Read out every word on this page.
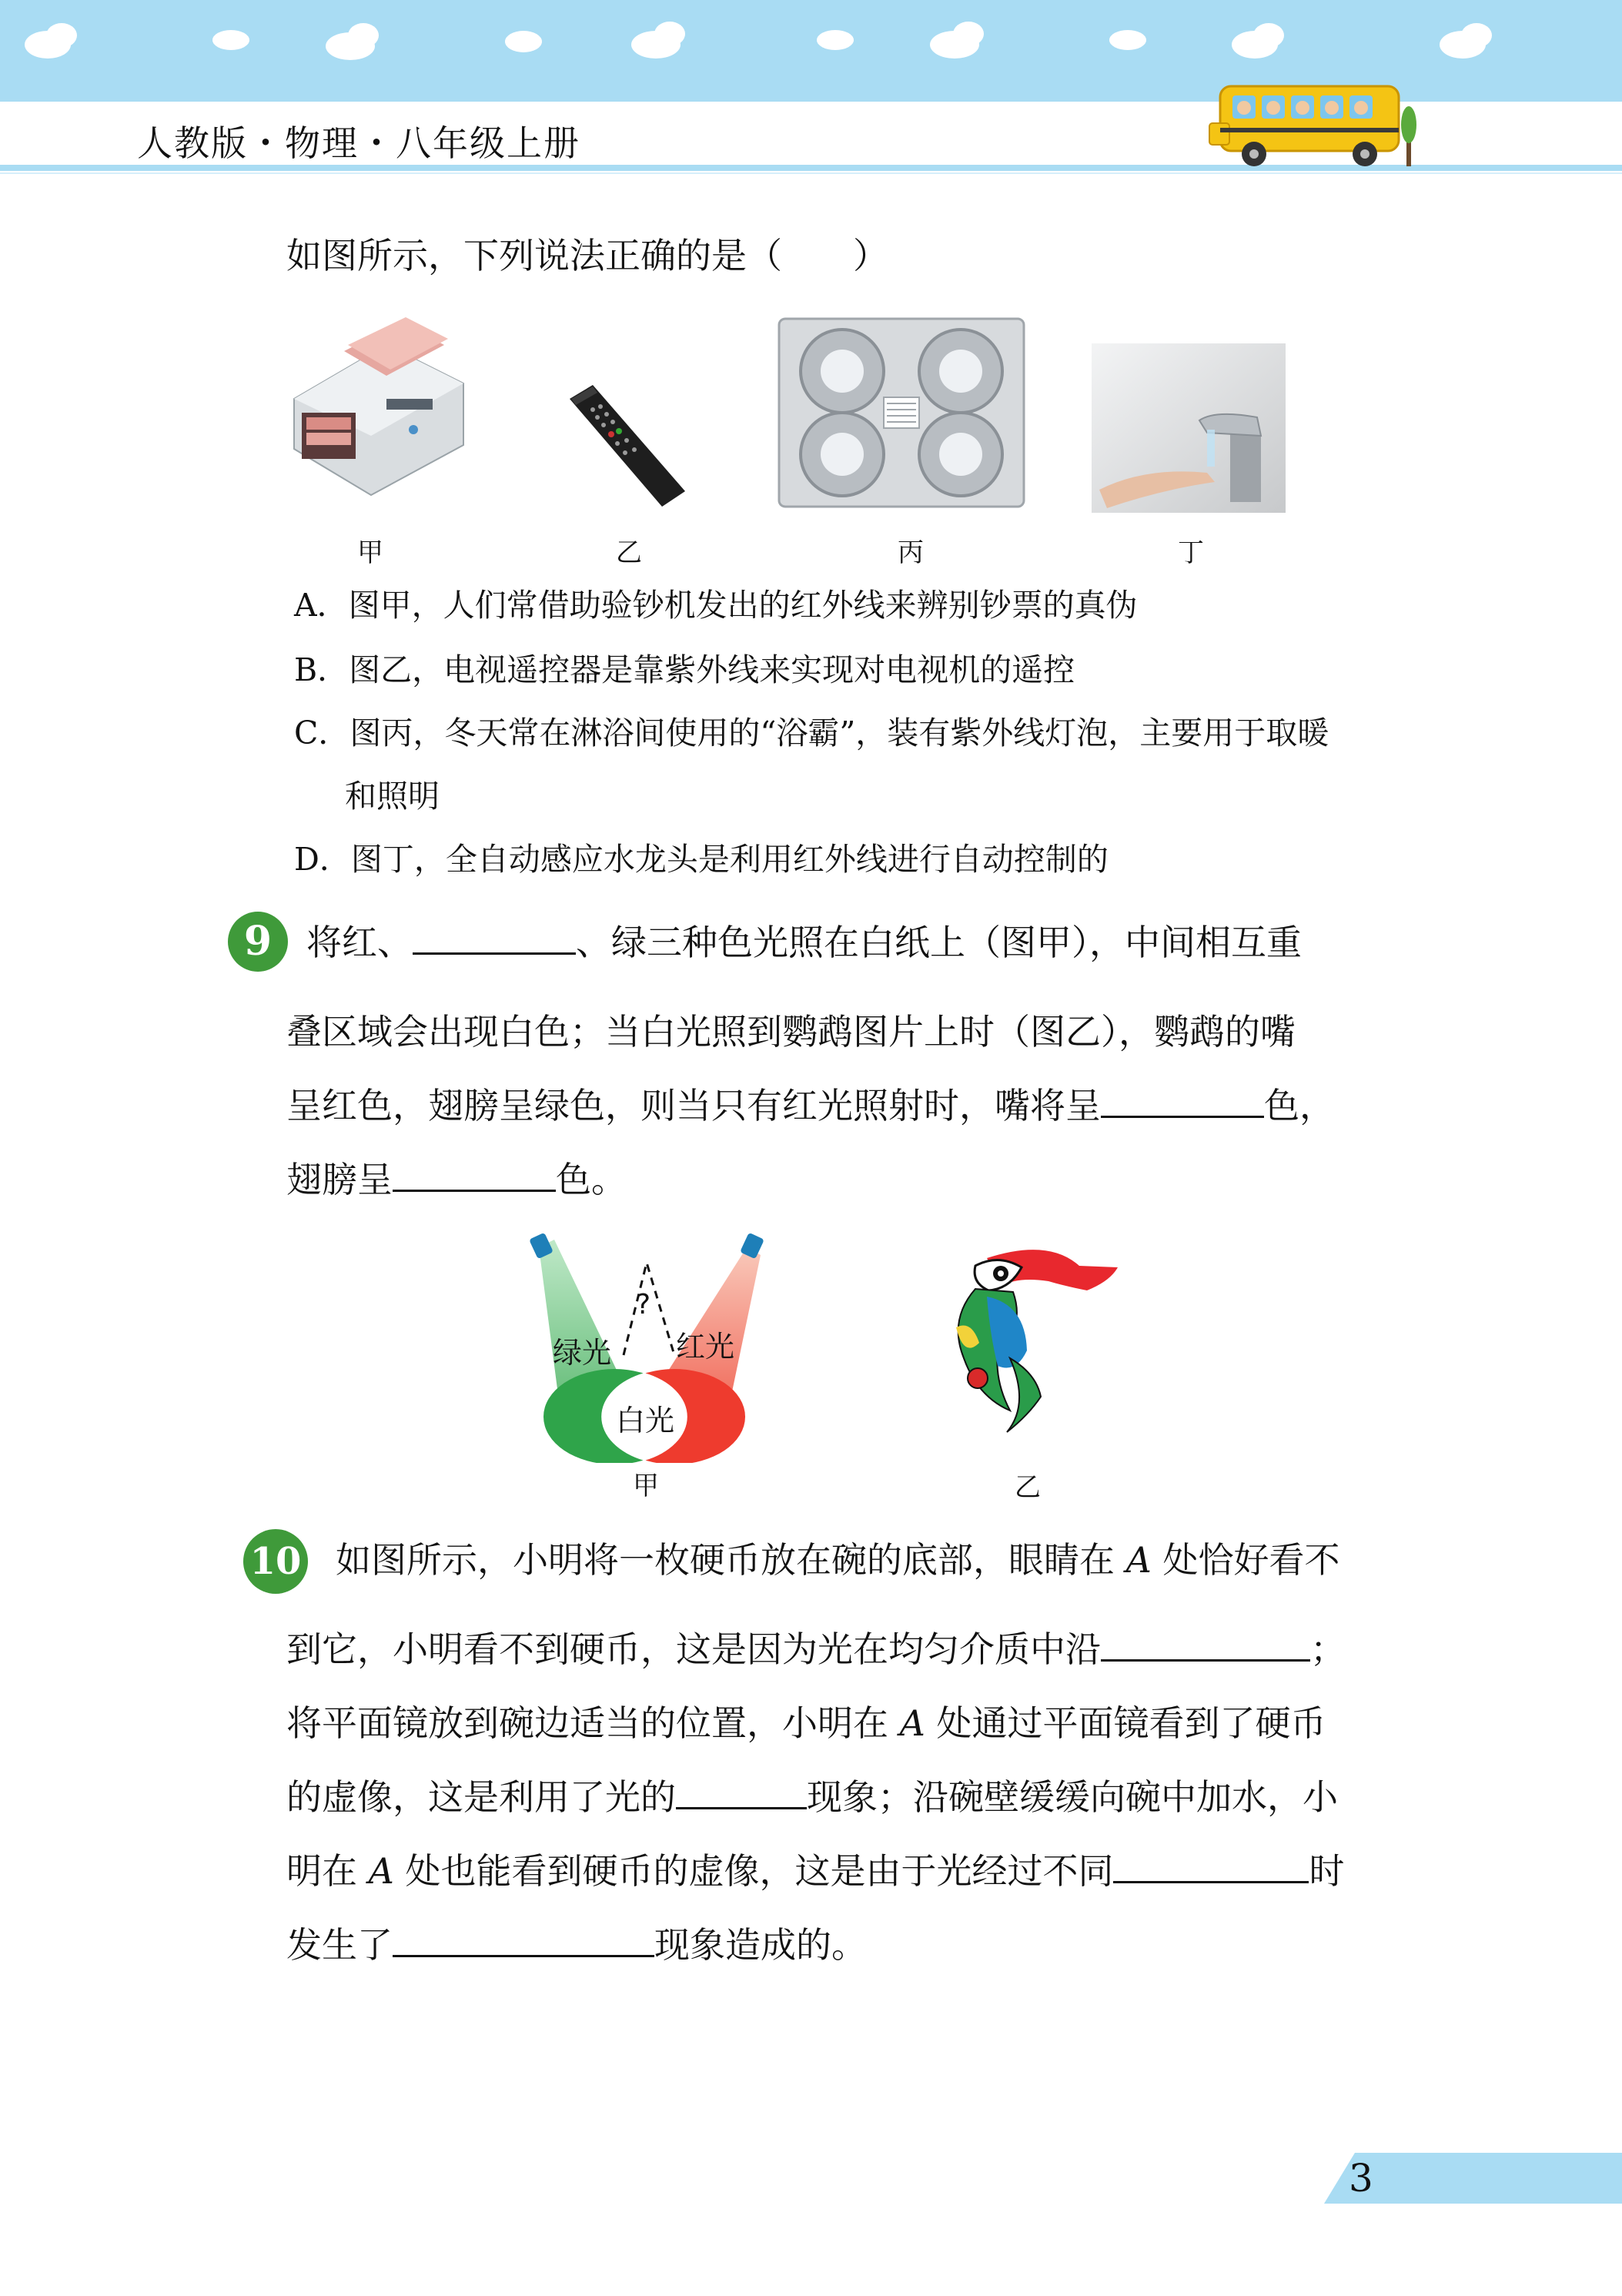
人教版・物理・八年级上册
如图所示，下列说法正确的是（　　）
甲	乙	丙	丁
A．图甲，人们常借助验钞机发出的红外线来辨别钞票的真伪
B．图乙，电视遥控器是靠紫外线来实现对电视机的遥控
C．图丙，冬天常在淋浴间使用的“浴霸”，装有紫外线灯泡，主要用于取暖
和照明
D．图丁，全自动感应水龙头是利用红外线进行自动控制的
9 将红、	、绿三种色光照在白纸上（图甲），中间相互重
叠区域会出现白色；当白光照到鹦鹉图片上时（图乙），鹦鹉的嘴
呈红色，翅膀呈绿色，则当只有红光照射时，嘴将呈	色，
翅膀呈	色。
?
绿光 红光
白光
甲	乙
10 如图所示，小明将一枚硬币放在碗的底部，眼睛在 A 处恰好看不
到它，小明看不到硬币，这是因为光在均匀介质中沿	；
将平面镜放到碗边适当的位置，小明在 A 处通过平面镜看到了硬币
的虚像，这是利用了光的	现象；沿碗壁缓缓向碗中加水，小
明在 A 处也能看到硬币的虚像，这是由于光经过不同	时
发生了	现象造成的。
3
